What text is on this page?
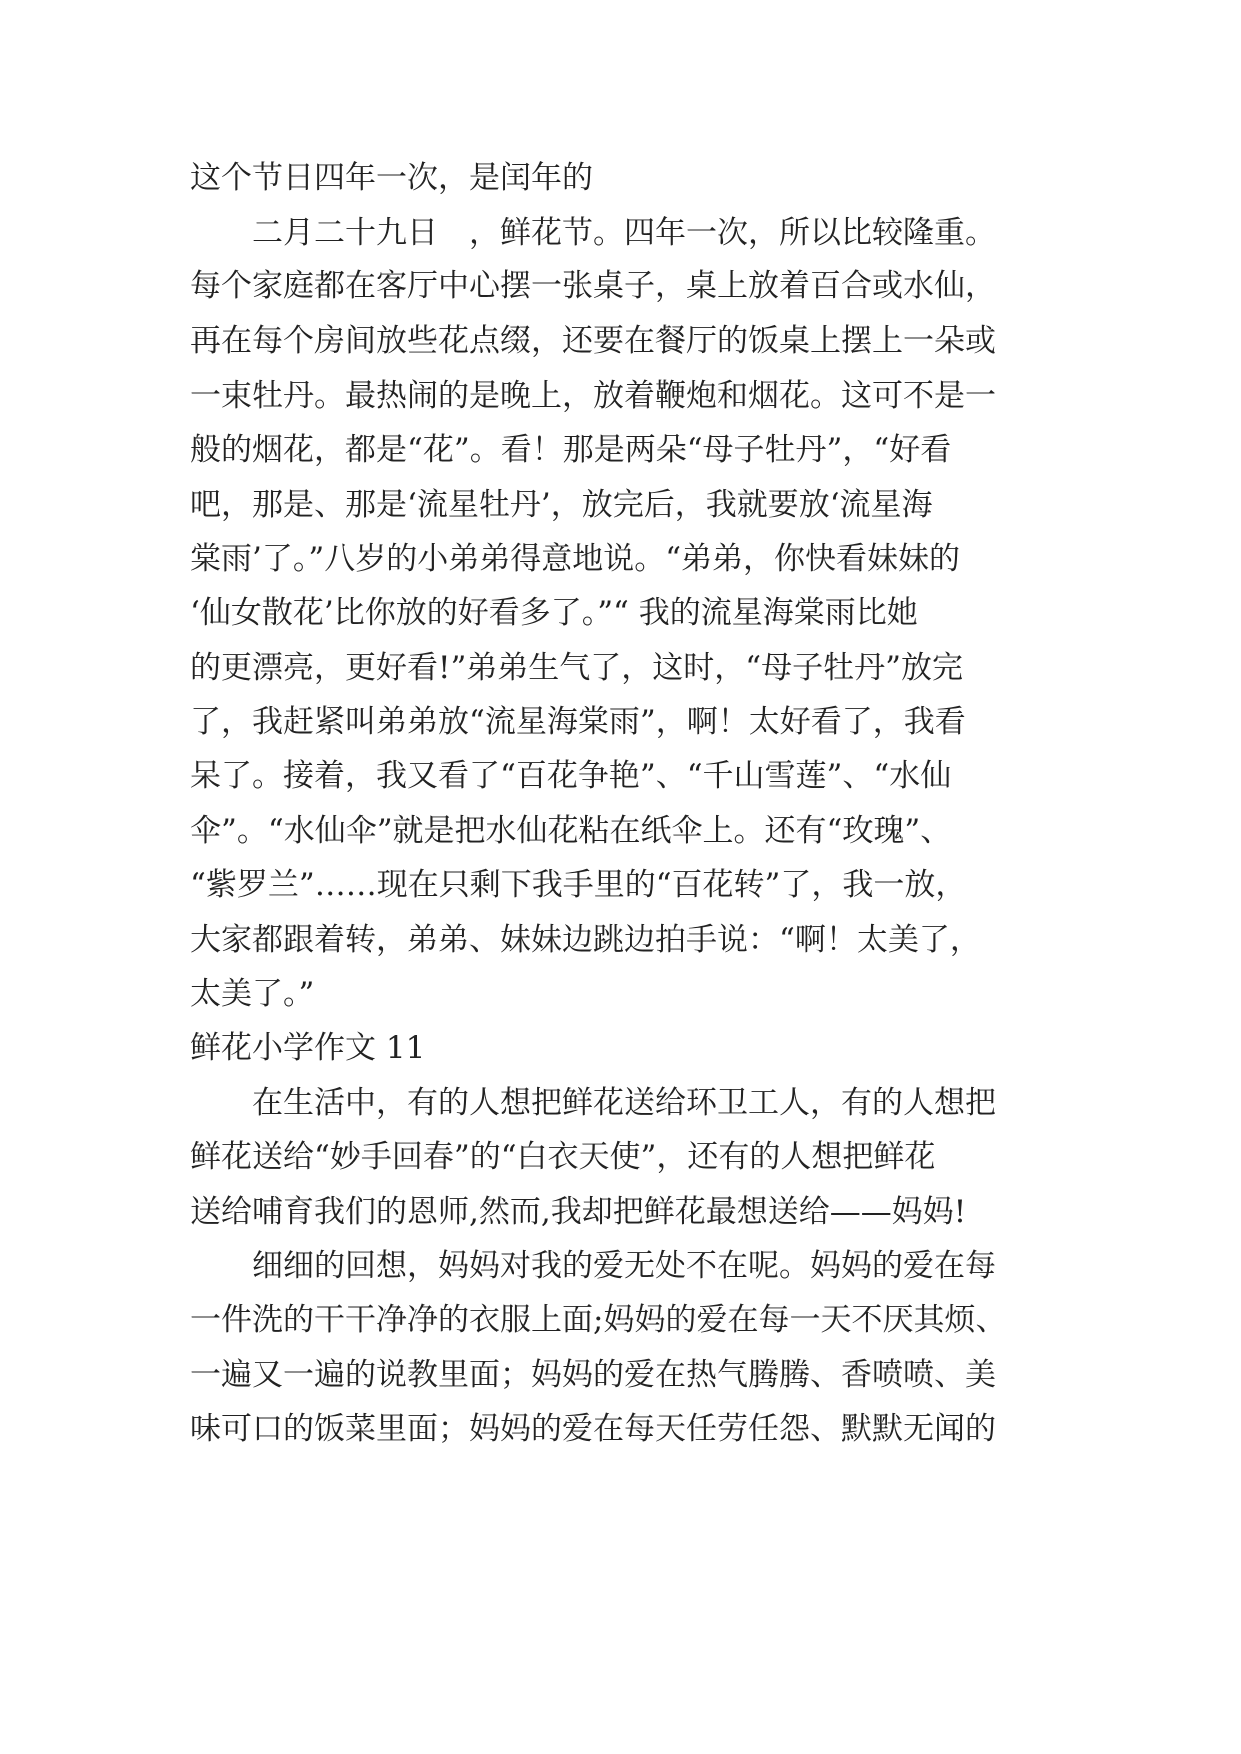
这个节日四年一次，是闰年的
　　二月二十九日　，鲜花节。四年一次，所以比较隆重。
每个家庭都在客厅中心摆一张桌子，桌上放着百合或水仙，
再在每个房间放些花点缀，还要在餐厅的饭桌上摆上一朵或
一束牡丹。最热闹的是晚上，放着鞭炮和烟花。这可不是一
般的烟花，都是“花”。看！那是两朵“母子牡丹”，“好看
吧，那是、那是‘流星牡丹’，放完后，我就要放‘流星海
棠雨’了。”八岁的小弟弟得意地说。“弟弟，你快看妹妹的
‘仙女散花’比你放的好看多了。”“ 我的流星海棠雨比她
的更漂亮，更好看!”弟弟生气了，这时，“母子牡丹”放完
了，我赶紧叫弟弟放“流星海棠雨”，啊！太好看了，我看
呆了。接着，我又看了“百花争艳”、“千山雪莲”、“水仙
伞”。“水仙伞”就是把水仙花粘在纸伞上。还有“玫瑰”、
“紫罗兰”……现在只剩下我手里的“百花转”了，我一放，
大家都跟着转，弟弟、妹妹边跳边拍手说：“啊！太美了，
太美了。”
鲜花小学作文 11
　　在生活中，有的人想把鲜花送给环卫工人，有的人想把
鲜花送给“妙手回春”的“白衣天使”，还有的人想把鲜花
送给哺育我们的恩师,然而,我却把鲜花最想送给——妈妈!
　　细细的回想，妈妈对我的爱无处不在呢。妈妈的爱在每
一件洗的干干净净的衣服上面;妈妈的爱在每一天不厌其烦、
一遍又一遍的说教里面；妈妈的爱在热气腾腾、香喷喷、美
味可口的饭菜里面；妈妈的爱在每天任劳任怨、默默无闻的
